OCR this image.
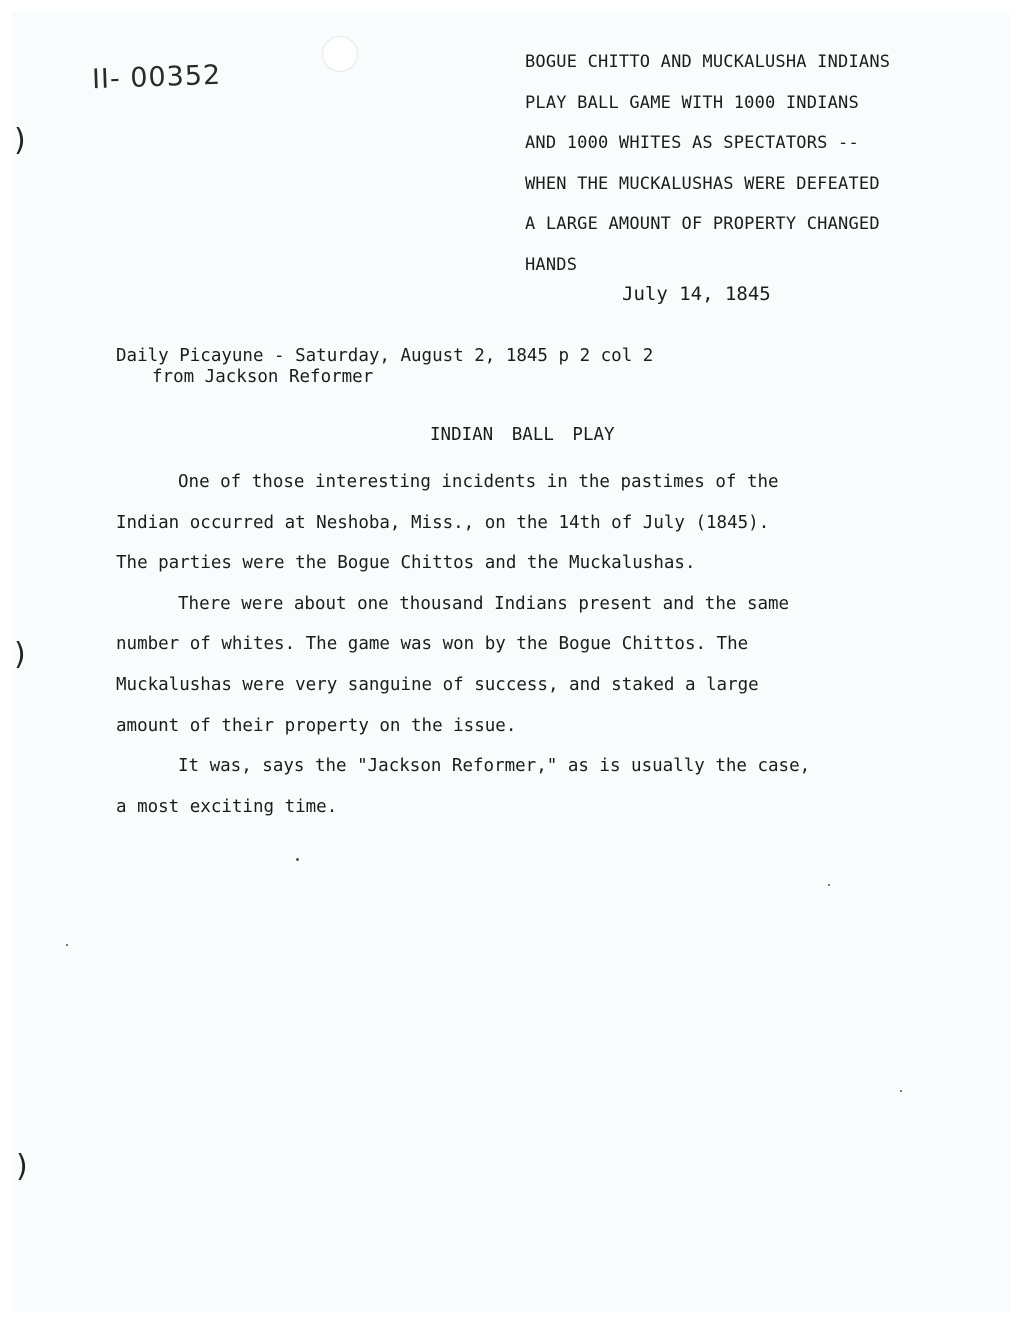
)
)
)
II- 00352	BOGUE CHITTO AND MUCKALUSHA INDIANS
PLAY BALL GAME WITH 1000 INDIANS
AND 1000 WHITES AS SPECTATORS --
WHEN THE MUCKALUSHAS WERE DEFEATED
A LARGE AMOUNT OF PROPERTY CHANGED
HANDS
July 14, 1845
Daily Picayune - Saturday, August 2, 1845 p 2 col 2
from Jackson Reformer
INDIAN BALL PLAY
One of those interesting incidents in the pastimes of the
Indian occurred at Neshoba, Miss., on the 14th of July (1845).
The parties were the Bogue Chittos and the Muckalushas.
There were about one thousand Indians present and the same
number of whites. The game was won by the Bogue Chittos. The
Muckalushas were very sanguine of success, and staked a large
amount of their property on the issue.
It was, says the "Jackson Reformer," as is usually the case,
a most exciting time.
